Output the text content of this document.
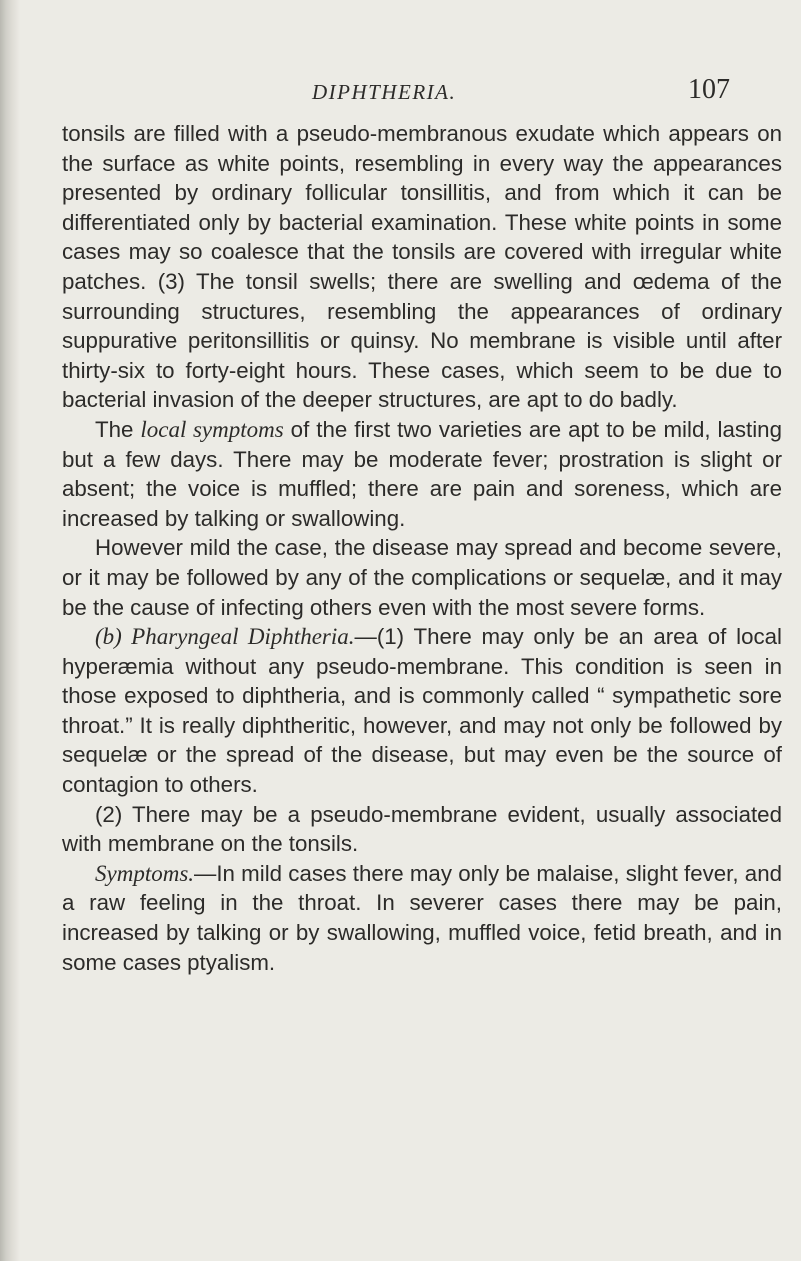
DIPHTHERIA.	107

tonsils are filled with a pseudo-membranous exudate which appears on the surface as white points, resembling in every way the appearances presented by ordinary follicular tonsillitis, and from which it can be differentiated only by bacterial examination. These white points in some cases may so coalesce that the tonsils are covered with irregular white patches. (3) The tonsil swells; there are swelling and œdema of the surrounding structures, resembling the appearances of ordinary suppurative peritonsillitis or quinsy. No membrane is visible until after thirty-six to forty-eight hours. These cases, which seem to be due to bacterial invasion of the deeper structures, are apt to do badly.

The local symptoms of the first two varieties are apt to be mild, lasting but a few days. There may be moderate fever; prostration is slight or absent; the voice is muffled; there are pain and soreness, which are increased by talking or swallowing.

However mild the case, the disease may spread and become severe, or it may be followed by any of the complications or sequelæ, and it may be the cause of infecting others even with the most severe forms.

(b) Pharyngeal Diphtheria.—(1) There may only be an area of local hyperæmia without any pseudo-membrane. This condition is seen in those exposed to diphtheria, and is commonly called “ sympathetic sore throat.” It is really diphtheritic, however, and may not only be followed by sequelæ or the spread of the disease, but may even be the source of contagion to others.

(2) There may be a pseudo-membrane evident, usually associated with membrane on the tonsils.

Symptoms.—In mild cases there may only be malaise, slight fever, and a raw feeling in the throat. In severer cases there may be pain, increased by talking or by swallowing, muffled voice, fetid breath, and in some cases ptyalism.
